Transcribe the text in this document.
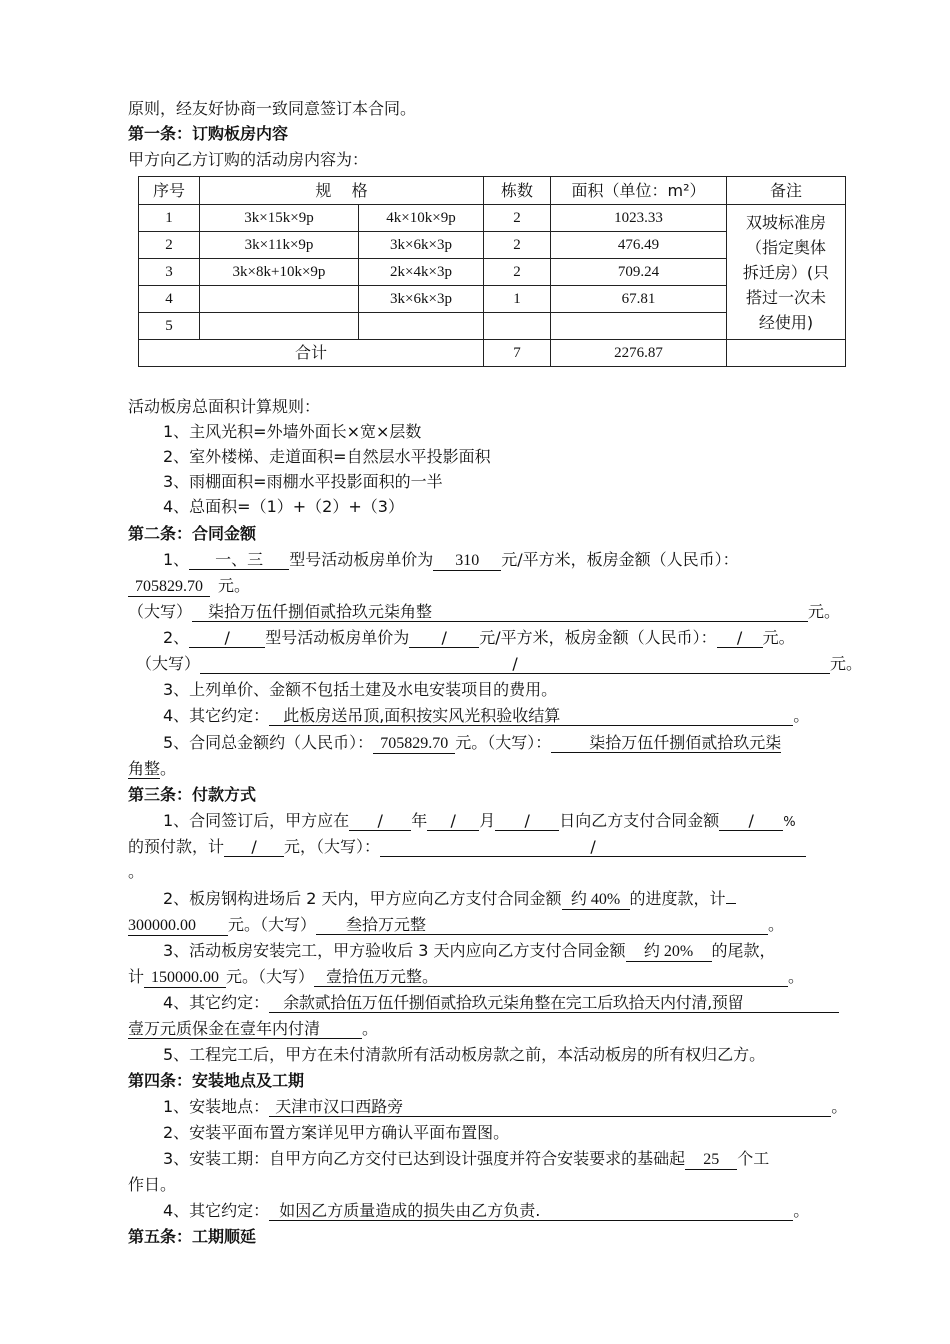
原则，经友好协商一致同意签订本合同。
第一条：订购板房内容
甲方向乙方订购的活动房内容为：
序号	规    格		栋数	面积（单位：m²）	备注
1	3k×15k×9p	4k×10k×9p	2	1023.33	双坡标准房
（指定奥体
拆迁房）(只
搭过一次未
经使用)

2	3k×11k×9p	3k×6k×3p	2	476.49	
3	3k×8k+10k×9p	2k×4k×3p	2	709.24	
4		3k×6k×3p	1	67.81	
5					
合计			7	2276.87	
活动板房总面积计算规则：
1、主风光积=外墙外面长×宽×层数
2、室外楼梯、走道面积=自然层水平投影面积
3、雨棚面积=雨棚水平投影面积的一半
4、总面积=（1）+（2）+（3）
第二条：合同金额
1、 一、三 型号活动板房单价为 310 元/平方米，板房金额（人民币）：
705829.70 元。
（大写） 柒拾万伍仟捌佰贰拾玖元柒角整	元。
2、 / 型号活动板房单价为 / 元/平方米，板房金额（人民币）： / 元。
（大写）	/	元。
3、上列单价、金额不包括土建及水电安装项目的费用。
4、其它约定： 此板房送吊顶,面积按实风光积验收结算	。
5、合同总金额约（人民币）： 705829.70 元。（大写）： 柒拾万伍仟捌佰贰拾玖元柒
角整。
第三条：付款方式
1、合同签订后，甲方应在 / 年 / 月 / 日向乙方支付合同金额 / %
的预付款，计 / 元，（大写）：	/
。
2、板房钢构进场后 2 天内，甲方应向乙方支付合同金额 约 40% 的进度款，计
300000.00 元。（大写） 叁拾万元整	。
3、活动板房安装完工，甲方验收后 3 天内应向乙方支付合同金额 约 20% 的尾款，
计 150000.00 元。（大写） 壹拾伍万元整。	。
4、其它约定： 余款贰拾伍万伍仟捌佰贰拾玖元柒角整在完工后玖拾天内付清,预留
壹万元质保金在壹年内付清	。
5、工程完工后，甲方在未付清款所有活动板房款之前，本活动板房的所有权归乙方。
第四条：安装地点及工期
1、安装地点： 天津市汉口西路旁	。
2、安装平面布置方案详见甲方确认平面布置图。
3、安装工期：自甲方向乙方交付已达到设计强度并符合安装要求的基础起 25 个工
作日。
4、其它约定： 如因乙方质量造成的损失由乙方负责.	。
第五条：工期顺延
